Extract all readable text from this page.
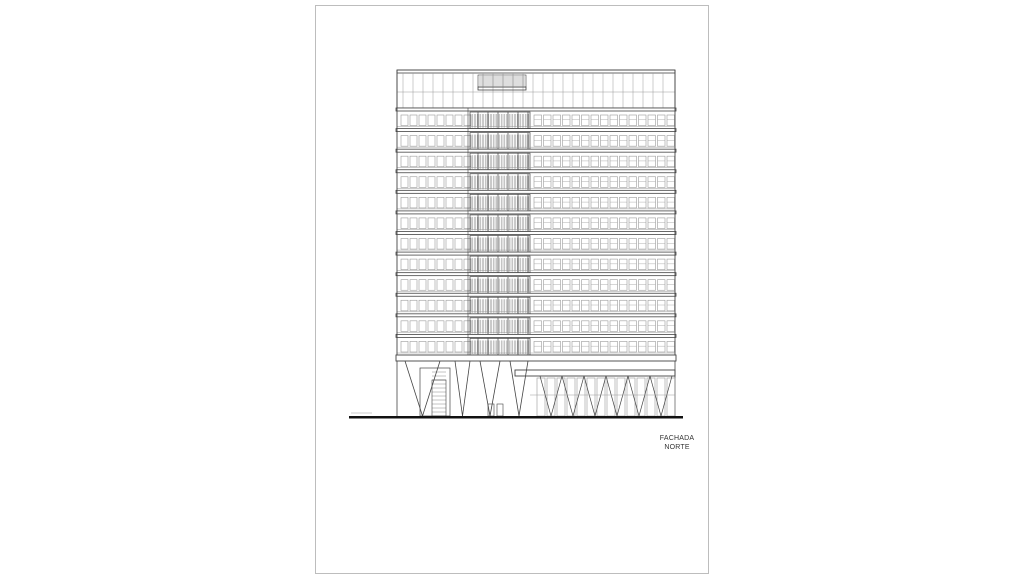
FACHADA
NORTE
